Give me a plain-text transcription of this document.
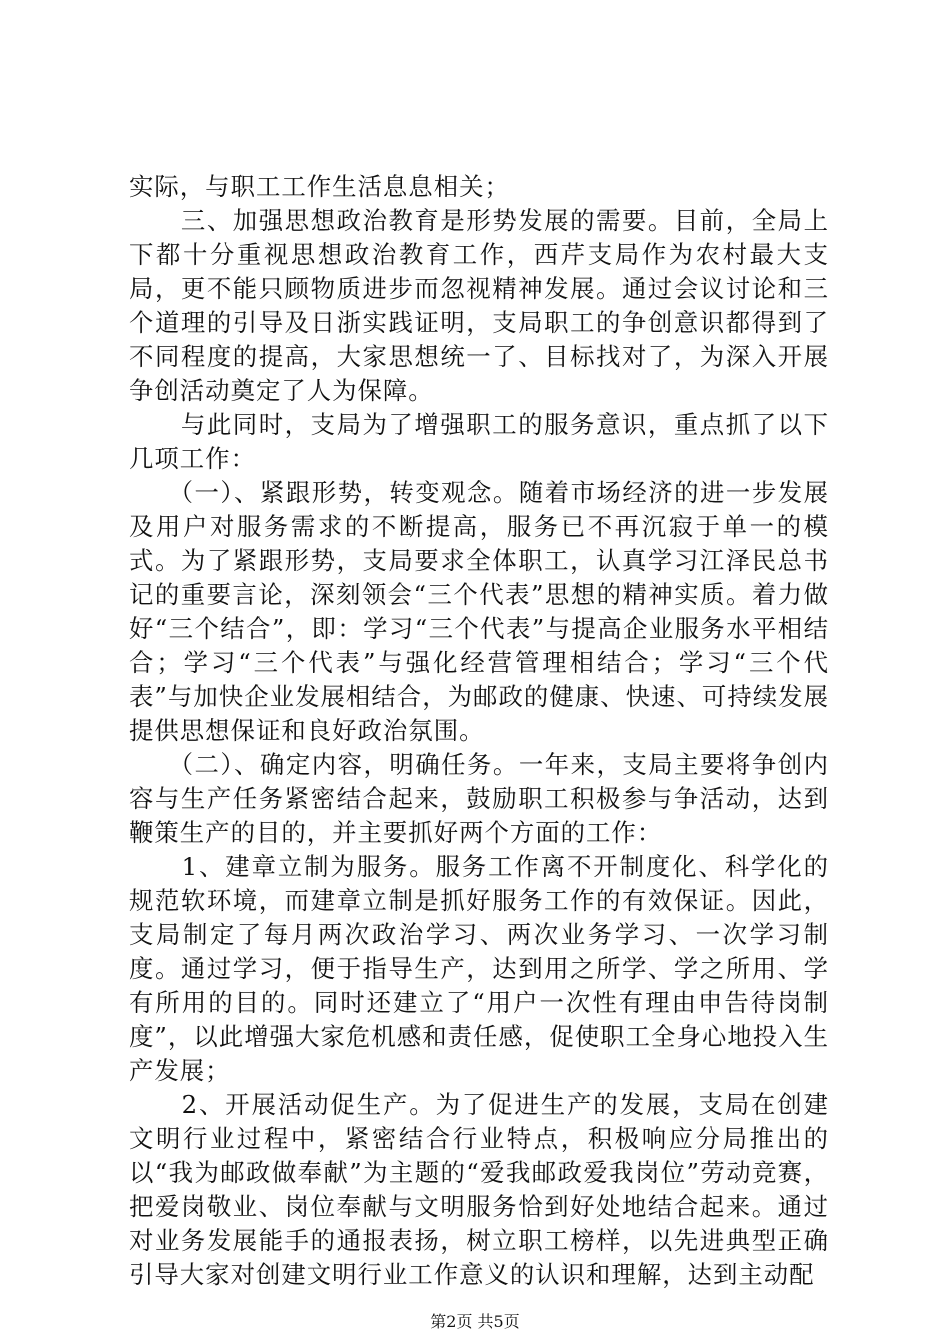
实际，与职工工作生活息息相关；

　　三、加强思想政治教育是形势发展的需要。目前，全局上下都十分重视思想政治教育工作，西芹支局作为农村最大支局，更不能只顾物质进步而忽视精神发展。通过会议讨论和三个道理的引导及日浙实践证明，支局职工的争创意识都得到了不同程度的提高，大家思想统一了、目标找对了，为深入开展争创活动奠定了人为保障。

　　与此同时，支局为了增强职工的服务意识，重点抓了以下几项工作：

　　（一）、紧跟形势，转变观念。随着市场经济的进一步发展及用户对服务需求的不断提高，服务已不再沉寂于单一的模式。为了紧跟形势，支局要求全体职工，认真学习江泽民总书记的重要言论，深刻领会“三个代表”思想的精神实质。着力做好“三个结合”，即：学习“三个代表”与提高企业服务水平相结合；学习“三个代表”与强化经营管理相结合；学习“三个代表”与加快企业发展相结合，为邮政的健康、快速、可持续发展提供思想保证和良好政治氛围。

　　（二）、确定内容，明确任务。一年来，支局主要将争创内容与生产任务紧密结合起来，鼓励职工积极参与争活动，达到鞭策生产的目的，并主要抓好两个方面的工作：

　　1、建章立制为服务。服务工作离不开制度化、科学化的规范软环境，而建章立制是抓好服务工作的有效保证。因此，支局制定了每月两次政治学习、两次业务学习、一次学习制度。通过学习，便于指导生产，达到用之所学、学之所用、学有所用的目的。同时还建立了“用户一次性有理由申告待岗制度”，以此增强大家危机感和责任感，促使职工全身心地投入生产发展；

　　2、开展活动促生产。为了促进生产的发展，支局在创建文明行业过程中，紧密结合行业特点，积极响应分局推出的以“我为邮政做奉献”为主题的“爱我邮政爱我岗位”劳动竞赛，把爱岗敬业、岗位奉献与文明服务恰到好处地结合起来。通过对业务发展能手的通报表扬，树立职工榜样，以先进典型正确引导大家对创建文明行业工作意义的认识和理解，达到主动配

第2页 共5页
